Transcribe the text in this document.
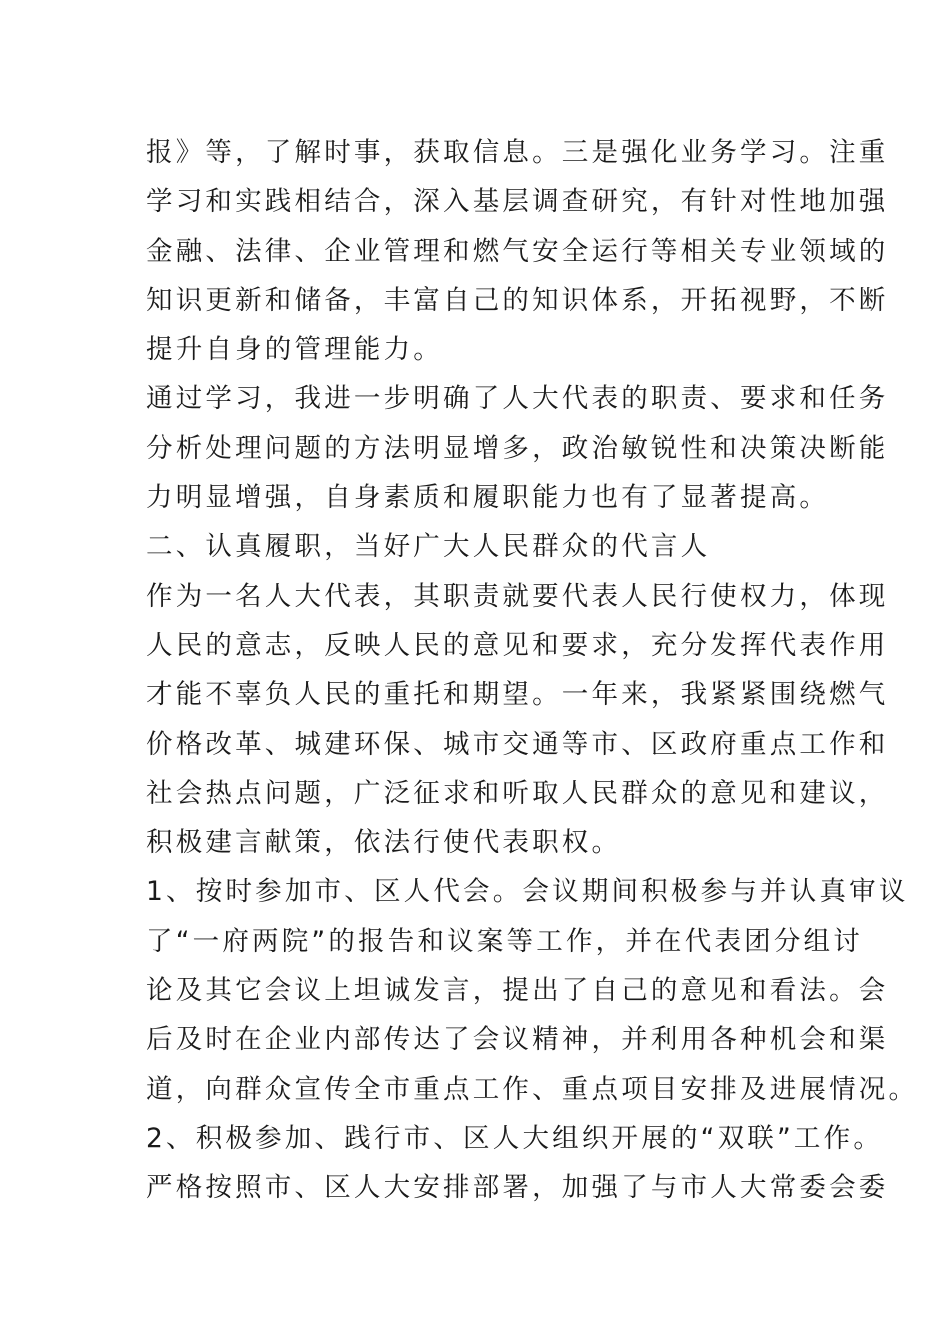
报》等，了解时事，获取信息。三是强化业务学习。注重
学习和实践相结合，深入基层调查研究，有针对性地加强
金融、法律、企业管理和燃气安全运行等相关专业领域的
知识更新和储备，丰富自己的知识体系，开拓视野，不断
提升自身的管理能力。
通过学习，我进一步明确了人大代表的职责、要求和任务
分析处理问题的方法明显增多，政治敏锐性和决策决断能
力明显增强，自身素质和履职能力也有了显著提高。
二、认真履职，当好广大人民群众的代言人
作为一名人大代表，其职责就要代表人民行使权力，体现
人民的意志，反映人民的意见和要求，充分发挥代表作用
才能不辜负人民的重托和期望。一年来，我紧紧围绕燃气
价格改革、城建环保、城市交通等市、区政府重点工作和
社会热点问题，广泛征求和听取人民群众的意见和建议，
积极建言献策，依法行使代表职权。
1、按时参加市、区人代会。会议期间积极参与并认真审议
了“一府两院”的报告和议案等工作，并在代表团分组讨
论及其它会议上坦诚发言，提出了自己的意见和看法。会
后及时在企业内部传达了会议精神，并利用各种机会和渠
道，向群众宣传全市重点工作、重点项目安排及进展情况。
2、积极参加、践行市、区人大组织开展的“双联”工作。
严格按照市、区人大安排部署，加强了与市人大常委会委
